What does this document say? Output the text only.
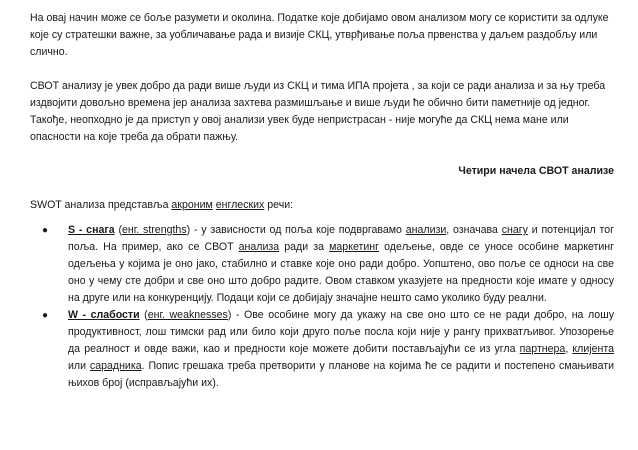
На овај начин може се боље разумети и околина. Податке које добијамо овом анализом могу се користити за одлуке које су стратешки важне, за уобличавање рада и визије СКЦ, утврђивање поља првенства у даљем раздобљу или слично.

СВОТ анализу је увек добро да ради више људи из СКЦ и тима ИПА пројета , за који се ради анализа и за њу треба издвојити довољно времена јер анализа захтева размишљање и више људи ће обично бити паметније од једног. Такође, неопходно је да приступ у овој анализи увек буде непристрасан - није могуће да СКЦ нема мане или опасности на које треба да обрати пажњу.

Четири начела СВОТ анализе

SWOT анализа представља акроним енглеских речи:

●	S - снага (енг. strengths) - у зависности од поља које подвргавамо анализи, означава снагу и потенцијал тог поља. На пример, ако се СВОТ анализа ради за маркетинг одељење, овде се уносе особине маркетинг одељења у којима је оно јако, стабилно и ставке које оно ради добро. Уопштено, ово поље се односи на све оно у чему сте добри и све оно што добро радите. Овом ставком указујете на предности које имате у односу на друге или на конкуренцију. Подаци који се добијају значајне нешто само уколико буду реални.
●	W - слабости (енг. weaknesses) - Ове особине могу да укажу на све оно што се не ради добро, на лошу продуктивност, лош тимски рад или било који друго поље посла који није у рангу прихватљивог. Упозорење да реалност и овде важи, као и предности које можете добити постављајући се из угла партнера, клијента или сарадника. Попис грешака треба претворити у планове на којима ће се радити и постепено смањивати њихов број (исправљајући их).
